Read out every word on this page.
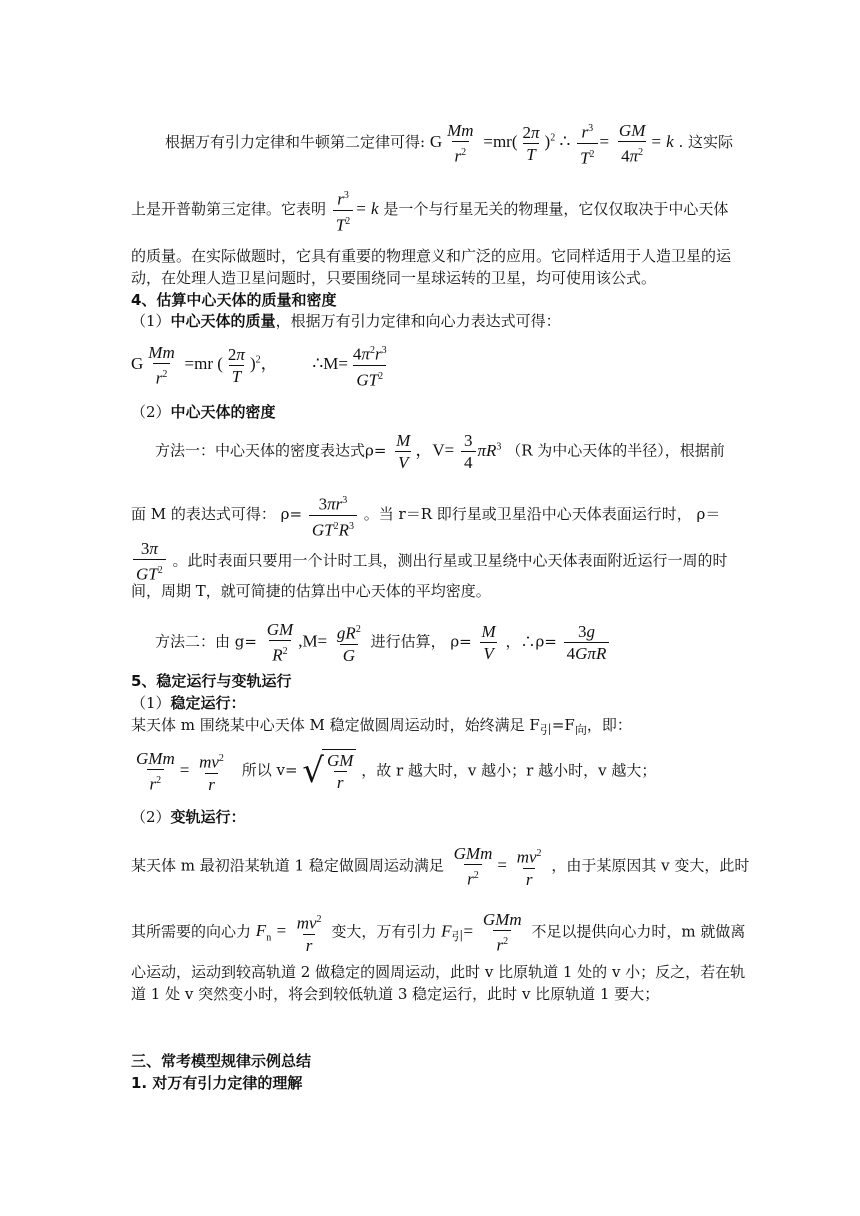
根据万有引力定律和牛顿第二定律可得: G $\frac{Mm}{r^2} =mr( \frac{2\pi}{T} )^2$ ∴ $\frac{r^3}{T^2} = \frac{GM}{4\pi^2} = k$ . 这实际
上是开普勒第三定律。它表明 $\frac{r^3}{T^2} = k$ 是一个与行星无关的物理量，它仅仅取决于中心天体
的质量。在实际做题时，它具有重要的物理意义和广泛的应用。它同样适用于人造卫星的运
动，在处理人造卫星问题时，只要围绕同一星球运转的卫星，均可使用该公式。
4、估算中心天体的质量和密度
（1）中心天体的质量，根据万有引力定律和向心力表达式可得：
G $\frac{Mm}{r^2} =mr$ ( $\frac{2\pi}{T} )^2$， ∴M= $\frac{4\pi^2r^3}{GT^2}$
（2）中心天体的密度
方法一：中心天体的密度表达式$\rho= \frac{M}{V}$ ，$V= \frac{3}{4} \pi R^3$ （R 为中心天体的半径），根据前
面 M 的表达式可得： $\rho= \frac{3\pi r^3}{GT^2R^3}$ 。当 r＝R 即行星或卫星沿中心天体表面运行时， ρ＝
$\frac{3\pi}{GT^2}$ 。此时表面只要用一个计时工具，测出行星或卫星绕中心天体表面附近运行一周的时
间，周期 T，就可简捷的估算出中心天体的平均密度。
方法二：由 $g= \frac{GM}{R^2} ,M= \frac{gR^2}{G}$ 进行估算， $\rho= \frac{M}{V}$ ，∴ρ= $\frac{3g}{\text{4GπR}}$
5、稳定运行与变轨运行
（1）稳定运行：
某天体 m 围绕某中心天体 M 稳定做圆周运动时，始终满足 $F_引=F_向$，即：
$\frac{\text{GMm}}{r^2} = \frac{mv^2}{r}$ 所以 v= √ $\frac{GM}{r}$ ，故 r 越大时，v 越小；r 越小时，v 越大；
（2）变轨运行：
某天体 m 最初沿某轨道 1 稳定做圆周运动满足 $\frac{\text{GMm}}{r^2} = \frac{mv^2}{r}$ ，由于某原因其 v 变大，此时
其所需要的向心力 $F_n = \frac{mv^2}{r}$ 变大，万有引力 $F_引= \frac{\text{GMm}}{r^2}$ 不足以提供向心力时，m 就做离
心运动，运动到较高轨道 2 做稳定的圆周运动，此时 v 比原轨道 1 处的 v 小；反之，若在轨
道 1 处 v 突然变小时，将会到较低轨道 3 稳定运行，此时 v 比原轨道 1 要大；
三、常考模型规律示例总结
1. 对万有引力定律的理解
